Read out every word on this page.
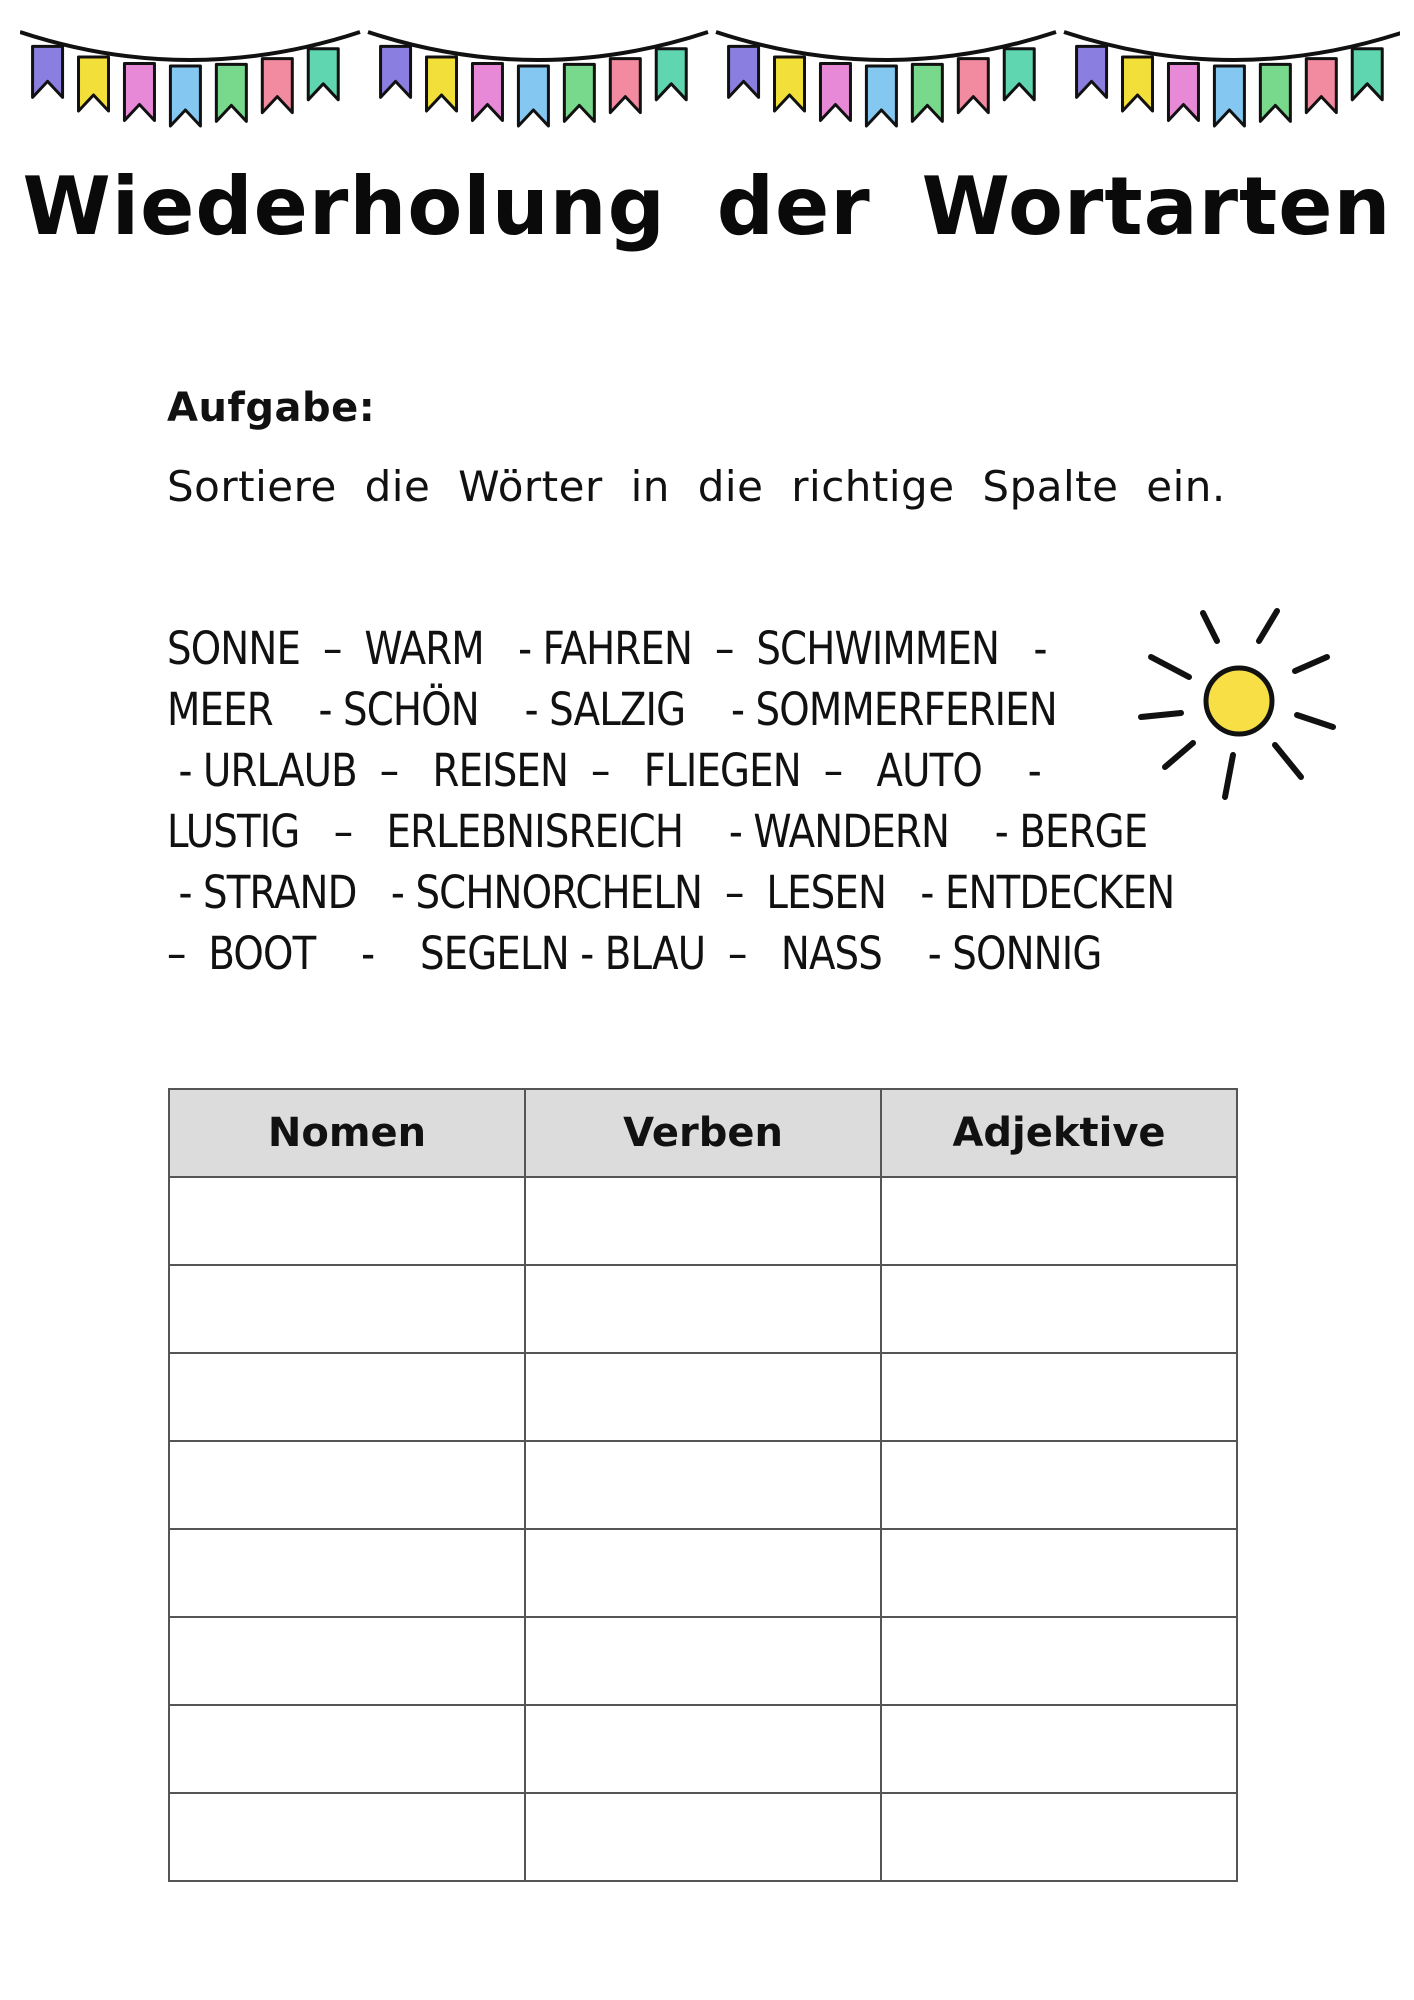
Wiederholung der Wortarten
Aufgabe:
Sortiere die Wörter in die richtige Spalte ein.
SONNE  –  WARM   - FAHREN  –  SCHWIMMEN   -
MEER    - SCHÖN    - SALZIG    - SOMMERFERIEN
- URLAUB  –   REISEN  –   FLIEGEN  –   AUTO    -
LUSTIG   –   ERLEBNISREICH    - WANDERN    - BERGE
- STRAND   - SCHNORCHELN  –  LESEN   - ENTDECKEN
–  BOOT    -    SEGELN - BLAU  –   NASS    - SONNIG
Nomen	Verben	Adjektive
